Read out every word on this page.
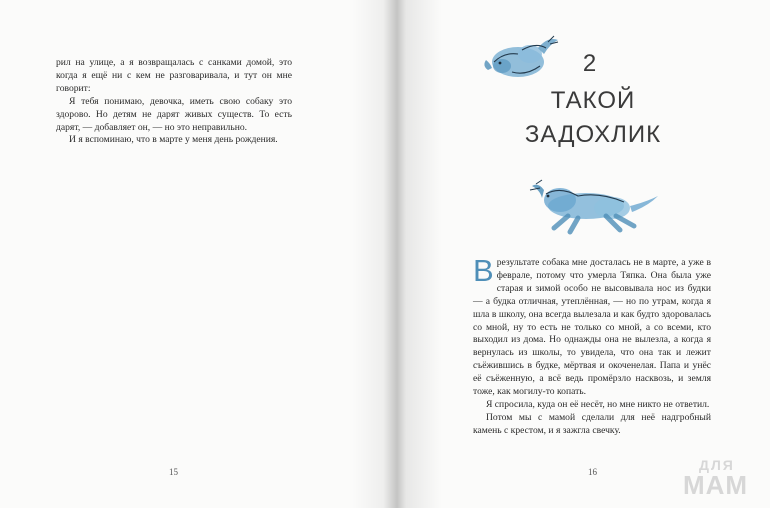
рил на улице, а я возвращалась с санками домой, это когда я ещё ни с кем не разговаривала, и тут он мне говорит:

Я тебя понимаю, девочка, иметь свою собаку это здорово. Но детям не дарят живых существ. То есть дарят, — добавляет он, — но это неправильно.

И я вспоминаю, что в марте у меня день рождения.

15	16
2
ТАКОЙ
ЗАДОХЛИК

В результате собака мне досталась не в марте, а уже в феврале, потому что умерла Тяпка. Она была уже старая и зимой особо не высовывала нос из будки — а будка отличная, утеплённая, — но по утрам, когда я шла в школу, она всегда вылезала и как будто здоровалась со мной, ну то есть не только со мной, а со всеми, кто выходил из дома. Но однажды она не вылезла, а когда я вернулась из школы, то увидела, что она так и лежит съёжившись в будке, мёртвая и окоченелая. Папа и унёс её съёженную, а всё ведь промёрзло насквозь, и земля тоже, как могилу-то копать.

Я спросила, куда он её несёт, но мне никто не ответил.

Потом мы с мамой сделали для неё надгробный камень с крестом, и я зажгла свечку.

ДЛЯ
МАМ
